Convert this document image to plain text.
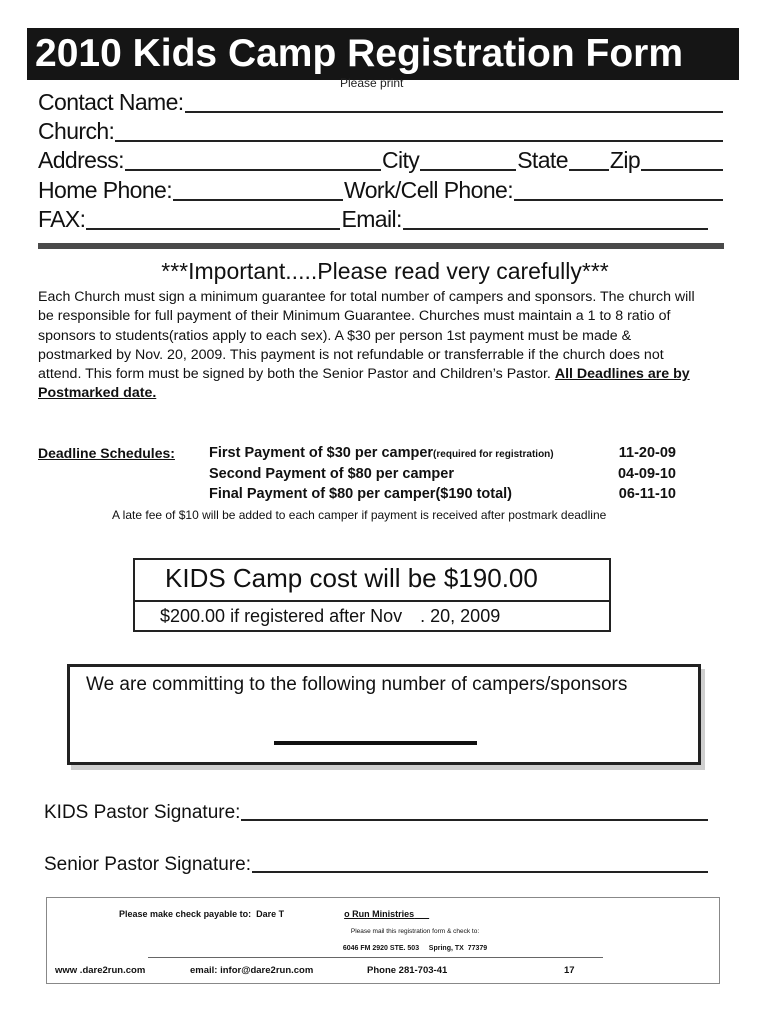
2010 Kids Camp Registration Form
Please print
Contact Name:
Church:
Address:	City	State Zip
Home Phone:	Work/Cell Phone:
FAX:	Email:
***Important.....Please read very carefully***
Each Church must sign a minimum guarantee for total number of campers and sponsors. The church will be responsible for full payment of their Minimum Guarantee. Churches must maintain a 1 to 8 ratio of sponsors to students(ratios apply to each sex). A $30 per person 1st payment must be made & postmarked by Nov. 20, 2009. This payment is not refundable or transferrable if the church does not attend. This form must be signed by both the Senior Pastor and Children’s Pastor. All Deadlines are by Postmarked date.
Deadline Schedules: First Payment of $30 per camper(required for registration)	11-20-09
Second Payment of $80 per camper	04-09-10
Final Payment of $80 per camper($190 total)	06-11-10
A late fee of $10 will be added to each camper if payment is received after postmark deadline
KIDS Camp cost will be $190.00
$200.00 if registered after Nov . 20, 2009
We are committing to the following number of campers/sponsors
KIDS Pastor Signature:
Senior Pastor Signature:
Please make check payable to: Dare T	o Run Ministries
Please mail this registration form & check to:
6046 FM 2920 STE. 503     Spring, TX  77379
www .dare2run.com	email: infor@dare2run.com	Phone 281-703-41	17
